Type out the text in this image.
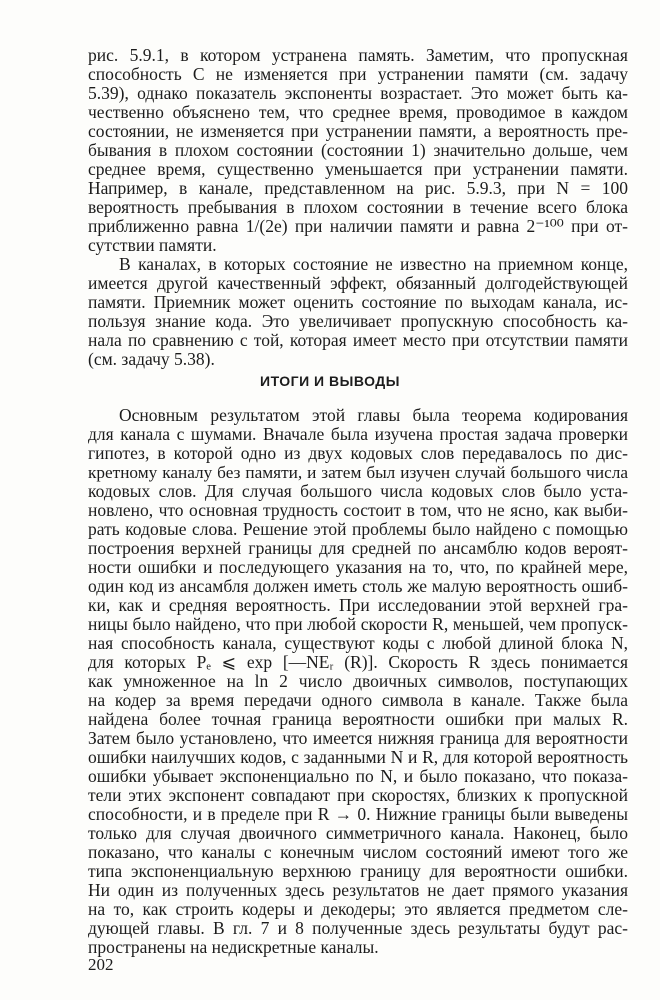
рис. 5.9.1, в котором устранена память. Заметим, что пропускная
способность C не изменяется при устранении памяти (см. задачу
5.39), однако показатель экспоненты возрастает. Это может быть ка-
чественно объяснено тем, что среднее время, проводимое в каждом
состоянии, не изменяется при устранении памяти, а вероятность пре-
бывания в плохом состоянии (состоянии 1) значительно дольше, чем
среднее время, существенно уменьшается при устранении памяти.
Например, в канале, представленном на рис. 5.9.3, при N = 100
вероятность пребывания в плохом состоянии в течение всего блока
приближенно равна 1/(2e) при наличии памяти и равна 2⁻¹⁰⁰ при от-
сутствии памяти.
В каналах, в которых состояние не известно на приемном конце,
имеется другой качественный эффект, обязанный долгодействующей
памяти. Приемник может оценить состояние по выходам канала, ис-
пользуя знание кода. Это увеличивает пропускную способность ка-
нала по сравнению с той, которая имеет место при отсутствии памяти
(см. задачу 5.38).
ИТОГИ И ВЫВОДЫ
Основным результатом этой главы была теорема кодирования
для канала с шумами. Вначале была изучена простая задача проверки
гипотез, в которой одно из двух кодовых слов передавалось по дис-
кретному каналу без памяти, и затем был изучен случай большого числа
кодовых слов. Для случая большого числа кодовых слов было уста-
новлено, что основная трудность состоит в том, что не ясно, как выби-
рать кодовые слова. Решение этой проблемы было найдено с помощью
построения верхней границы для средней по ансамблю кодов вероят-
ности ошибки и последующего указания на то, что, по крайней мере,
один код из ансамбля должен иметь столь же малую вероятность ошиб-
ки, как и средняя вероятность. При исследовании этой верхней гра-
ницы было найдено, что при любой скорости R, меньшей, чем пропуск-
ная способность канала, существуют коды с любой длиной блока N,
для которых Pₑ ⩽ exp [—NEᵣ (R)]. Скорость R здесь понимается
как умноженное на ln 2 число двоичных символов, поступающих
на кодер за время передачи одного символа в канале. Также была
найдена более точная граница вероятности ошибки при малых R.
Затем было установлено, что имеется нижняя граница для вероятности
ошибки наилучших кодов, с заданными N и R, для которой вероятность
ошибки убывает экспоненциально по N, и было показано, что показа-
тели этих экспонент совпадают при скоростях, близких к пропускной
способности, и в пределе при R → 0. Нижние границы были выведены
только для случая двоичного симметричного канала. Наконец, было
показано, что каналы с конечным числом состояний имеют того же
типа экспоненциальную верхнюю границу для вероятности ошибки.
Ни один из полученных здесь результатов не дает прямого указания
на то, как строить кодеры и декодеры; это является предметом сле-
дующей главы. В гл. 7 и 8 полученные здесь результаты будут рас-
пространены на недискретные каналы.
202
